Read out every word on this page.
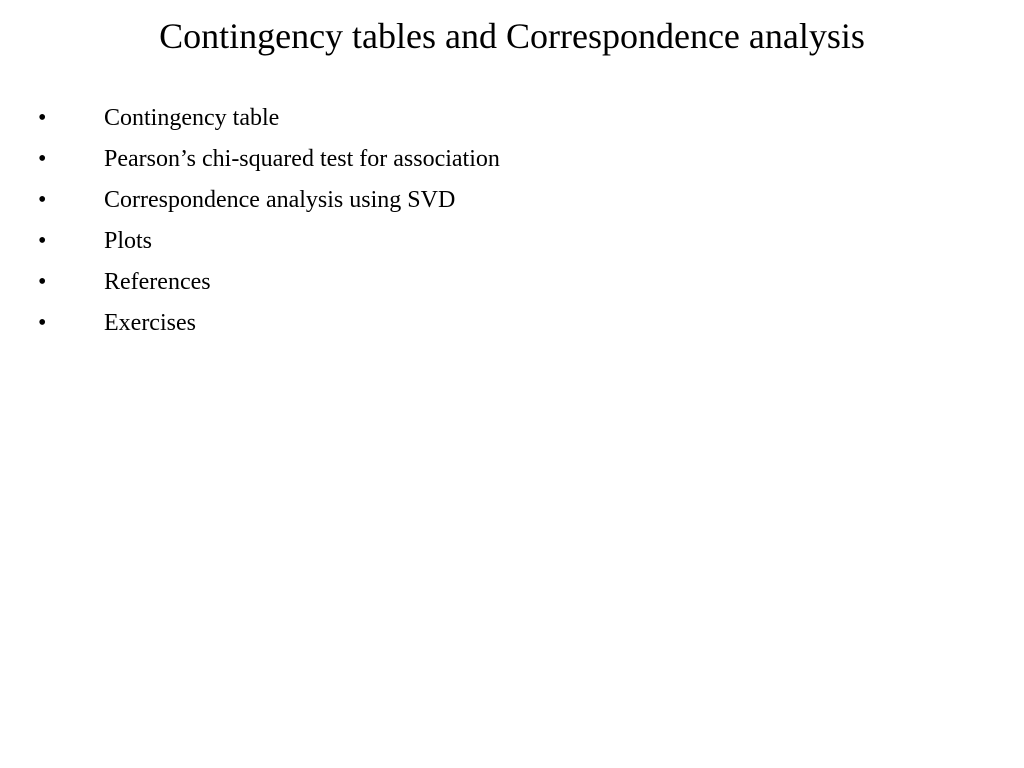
Contingency tables and Correspondence analysis
•	Contingency table
•	Pearson’s chi-squared test for association
•	Correspondence analysis using SVD
•	Plots
•	References
•	Exercises
